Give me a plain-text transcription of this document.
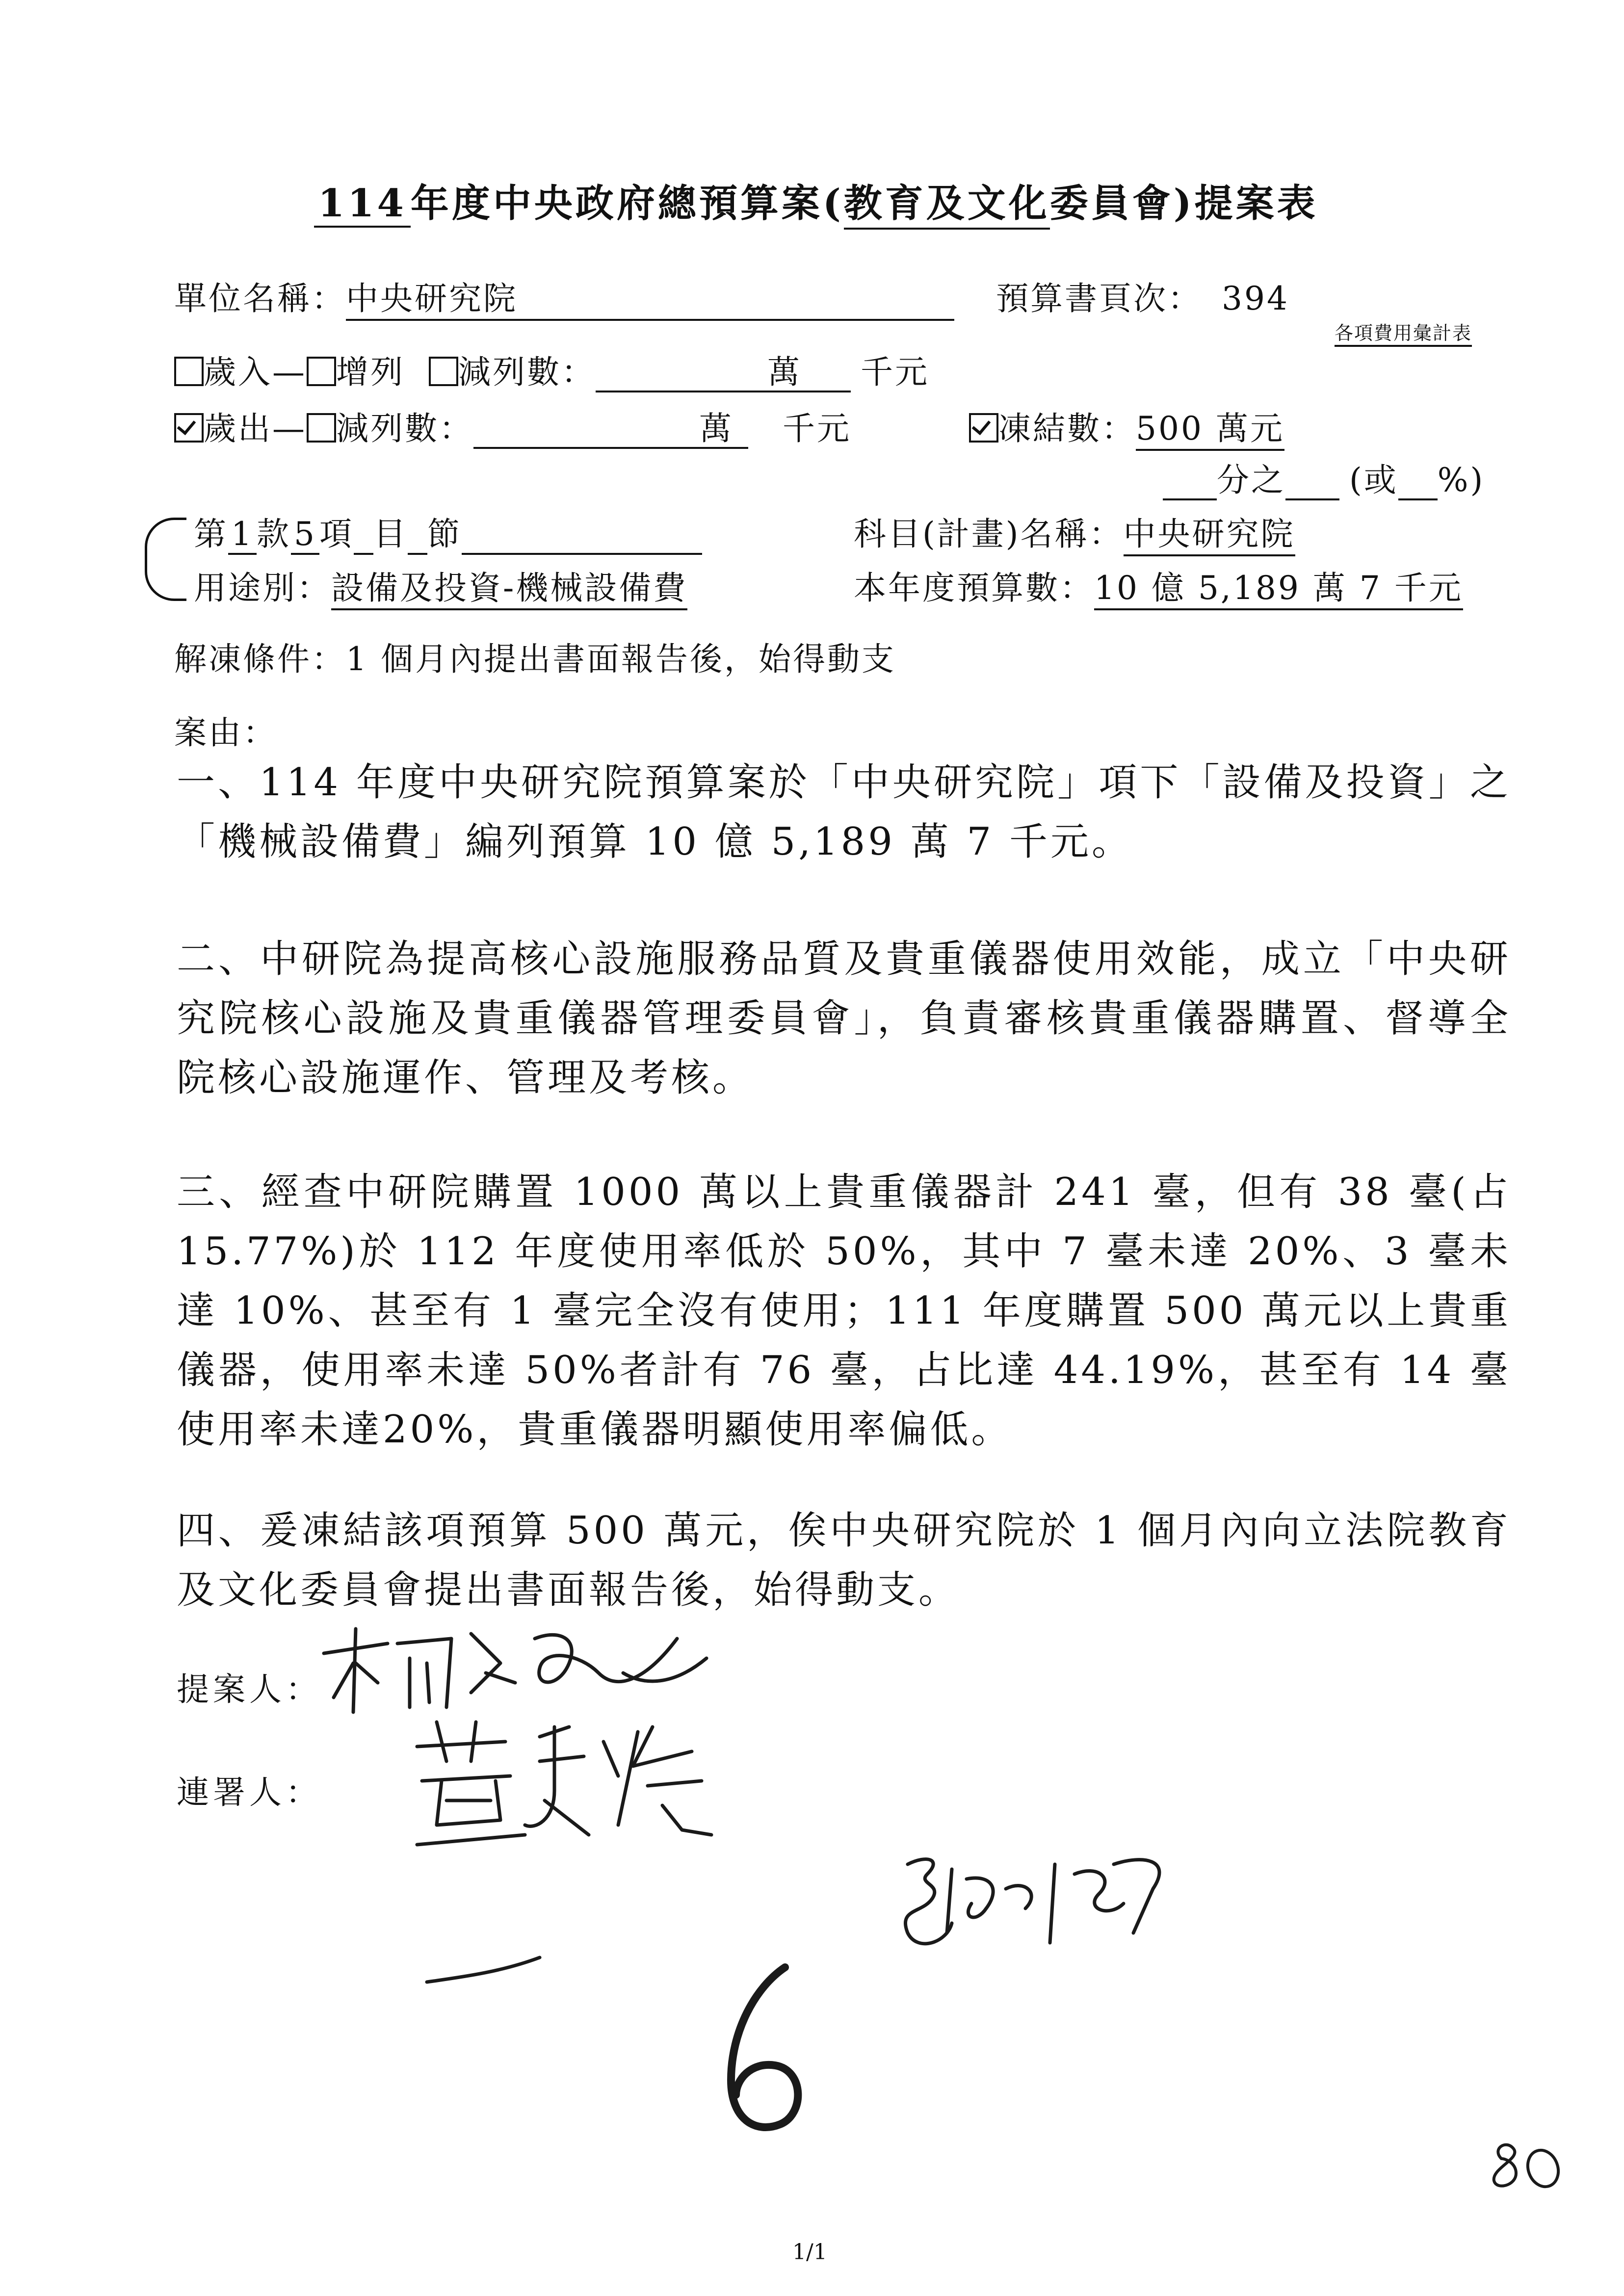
114 年度中央政府總預算案(教育及文化委員會)提案表
單位名稱：中央研究院	預算書頁次： 394
各項費用彙計表
歲入— 增列 減列數：	萬 千元
歲出— 減列數：	萬 千元	凍結數：500 萬元
分之 (或 %)
第1款5項 目 節	科目(計畫)名稱：中央研究院
用途別：設備及投資-機械設備費	本年度預算數：10 億 5,189 萬 7 千元
解凍條件：1 個月內提出書面報告後，始得動支
案由：
一、114 年度中央研究院預算案於「中央研究院」項下「設備及投資」之「機械設備費」編列預算 10 億 5,189 萬 7 千元。
二、中研院為提高核心設施服務品質及貴重儀器使用效能，成立「中央研究院核心設施及貴重儀器管理委員會」，負責審核貴重儀器購置、督導全院核心設施運作、管理及考核。
三、經查中研院購置 1000 萬以上貴重儀器計 241 臺，但有 38 臺(占15.77%)於 112 年度使用率低於 50%，其中 7 臺未達 20%、3 臺未達 10%、甚至有 1 臺完全沒有使用；111 年度購置 500 萬元以上貴重儀器，使用率未達 50%者計有 76 臺，占比達 44.19%，甚至有 14 臺使用率未達20%，貴重儀器明顯使用率偏低。
四、爰凍結該項預算 500 萬元，俟中央研究院於 1 個月內向立法院教育及文化委員會提出書面報告後，始得動支。
提案人：
連署人：
1/1
